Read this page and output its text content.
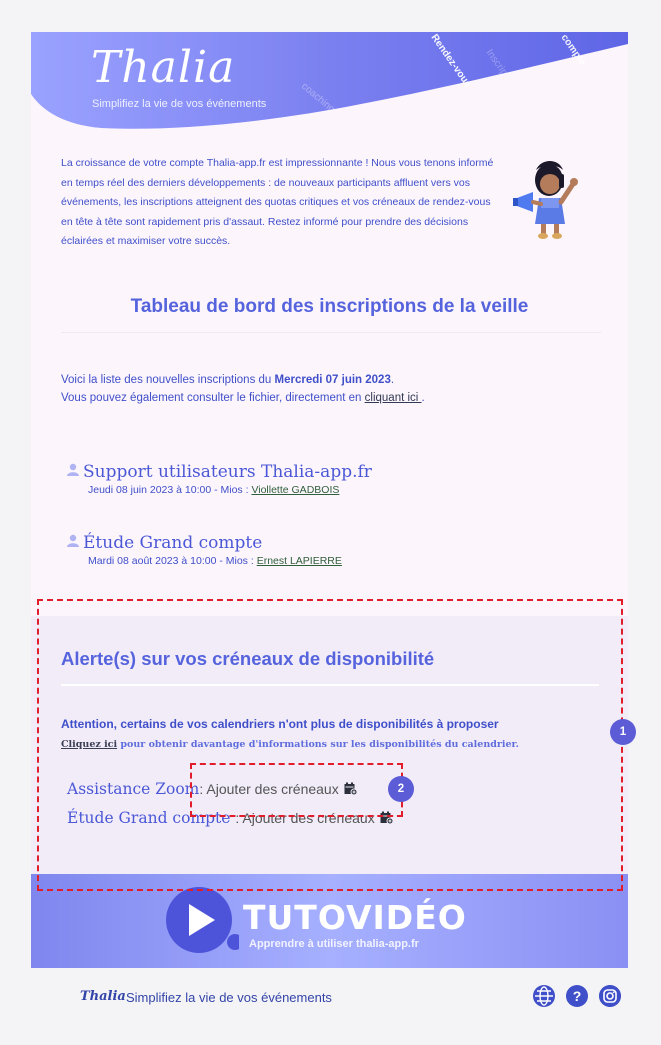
coaching
Rendez-vous Inscriptions	compte
Thalia
Simplifiez la vie de vos événements

La croissance de votre compte Thalia-app.fr est impressionnante ! Nous vous tenons informé en temps réel des derniers développements : de nouveaux participants affluent vers vos événements, les inscriptions atteignent des quotas critiques et vos créneaux de rendez-vous en tête à tête sont rapidement pris d'assaut. Restez informé pour prendre des décisions éclairées et maximiser votre succès.

Tableau de bord des inscriptions de la veille

Voici la liste des nouvelles inscriptions du Mercredi 07 juin 2023.
Vous pouvez également consulter le fichier, directement en cliquant ici .

Support utilisateurs Thalia-app.fr
Jeudi 08 juin 2023 à 10:00 - Mios : Viollette GADBOIS
Étude Grand compte
Mardi 08 août 2023 à 10:00 - Mios : Ernest LAPIERRE
Alerte(s) sur vos créneaux de disponibilité

Attention, certains de vos calendriers n'ont plus de disponibilités à proposer

Cliquez ici pour obtenir davantage d'informations sur les disponibilités du calendrier.

Assistance Zoom: Ajouter des créneaux
Étude Grand compte : Ajouter des créneaux
TUTOVIDÉO
Apprendre à utiliser thalia-app.fr
Thalia Simplifiez la vie de vos événements	?
1
2
